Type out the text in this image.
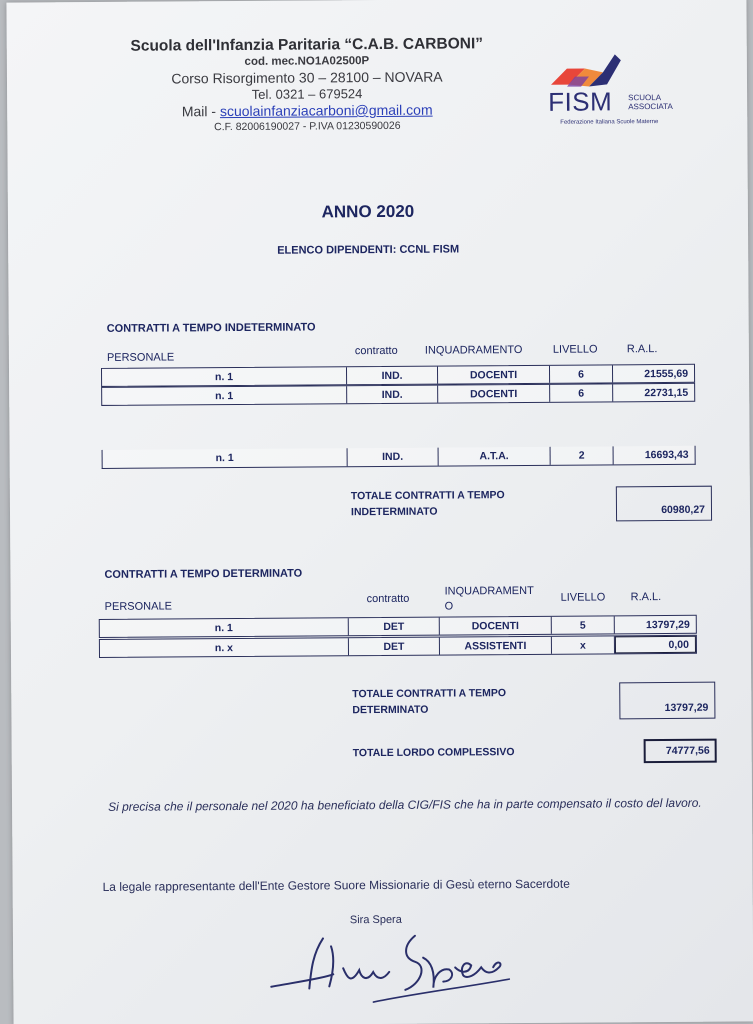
Scuola dell'Infanzia Paritaria “C.A.B. CARBONI”
cod. mec.NO1A02500P
Corso Risorgimento 30 – 28100 – NOVARA
Tel. 0321 – 679524
Mail - scuolainfanziacarboni@gmail.com
C.F. 82006190027 - P.IVA 01230590026
FISM SCUOLA
ASSOCIATA
Federazione Italiana Scuole Materne
ANNO 2020
ELENCO DIPENDENTI: CCNL FISM
CONTRATTI A TEMPO INDETERMINATO
PERSONALE
contratto INQUADRAMENTO	LIVELLO	R.A.L.
n. 1	IND.	DOCENTI	6	21555,69
n. 1	IND.	DOCENTI	6	22731,15
n. 1	IND.	A.T.A.	2	16693,43
TOTALE CONTRATTI A TEMPO
INDETERMINATO	60980,27
CONTRATTI A TEMPO DETERMINATO
PERSONALE
contratto
INQUADRAMENT
O
LIVELLO R.A.L.
n. 1	DET	DOCENTI	5	13797,29
n. x	DET	ASSISTENTI	x	0,00
TOTALE CONTRATTI A TEMPO
DETERMINATO	13797,29
TOTALE LORDO COMPLESSIVO	74777,56
Si precisa che il personale nel 2020 ha beneficiato della CIG/FIS che ha in parte compensato il costo del lavoro.
La legale rappresentante dell'Ente Gestore Suore Missionarie di Gesù eterno Sacerdote
Sira Spera
